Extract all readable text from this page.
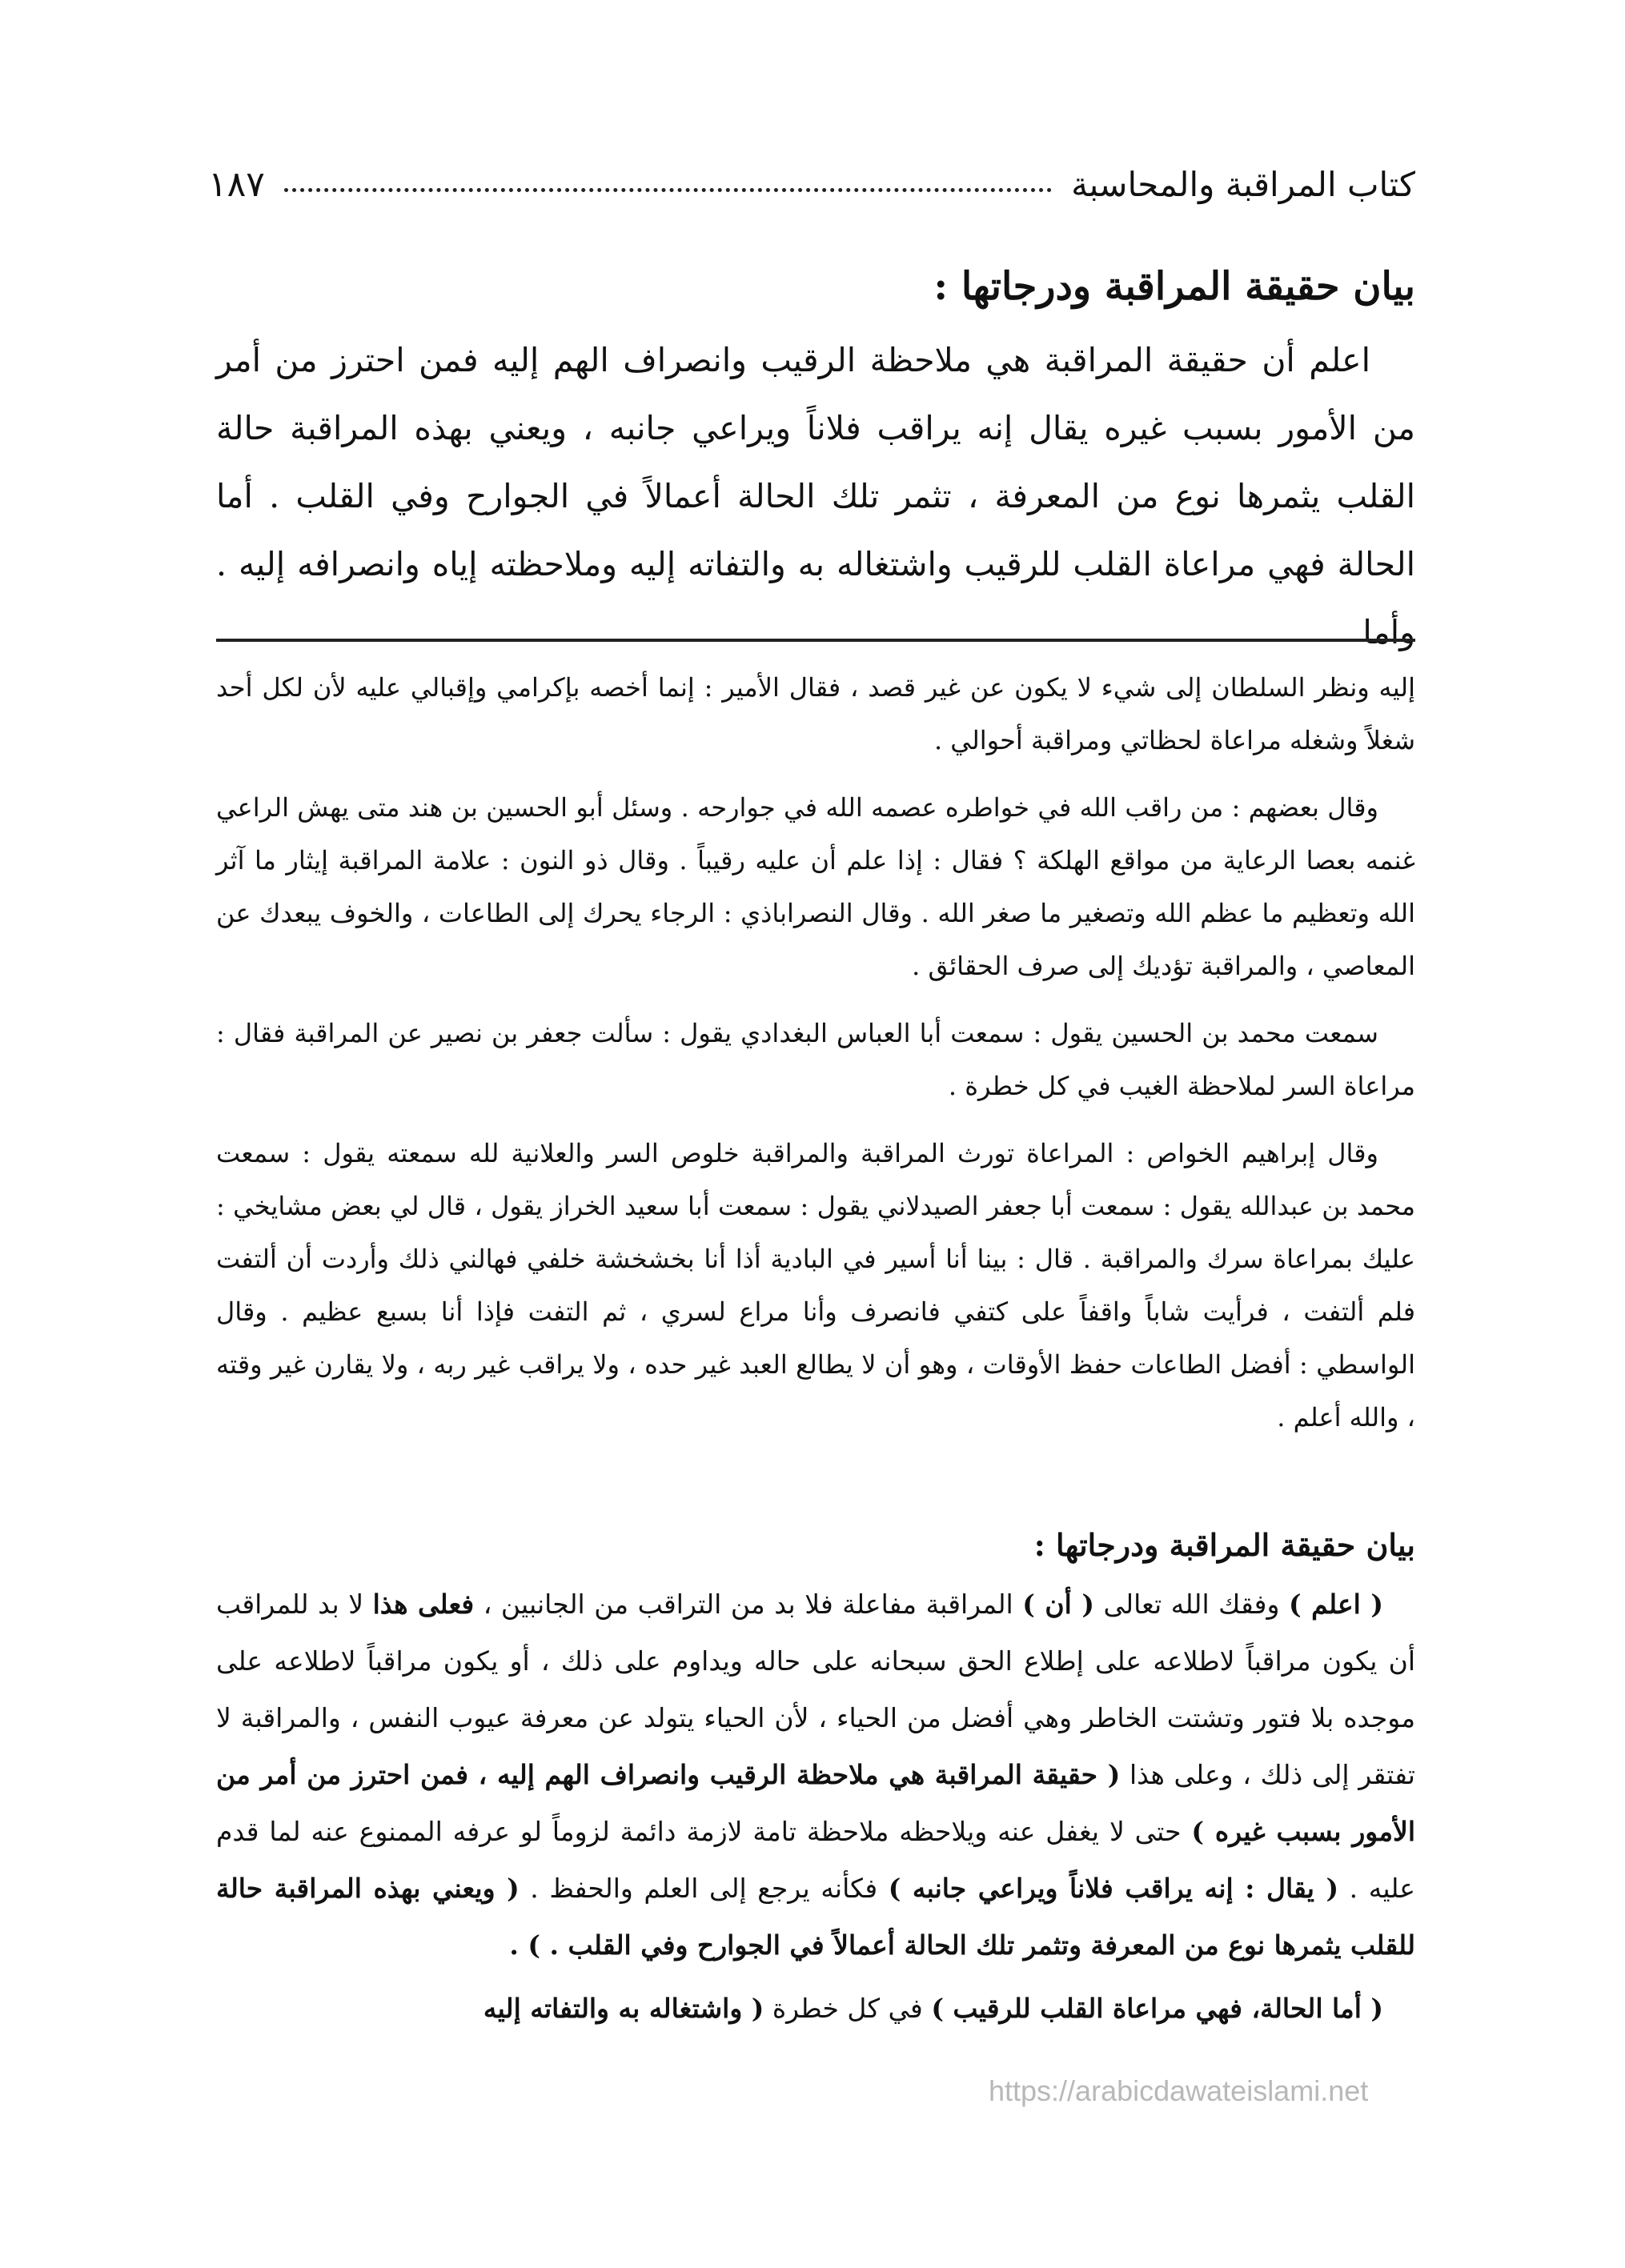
كتاب المراقبة والمحاسبة
١٨٧
بيان حقيقة المراقبة ودرجاتها :

اعلم أن حقيقة المراقبة هي ملاحظة الرقيب وانصراف الهم إليه فمن احترز من أمر من الأمور بسبب غيره يقال إنه يراقب فلاناً ويراعي جانبه ، ويعني بهذه المراقبة حالة القلب يثمرها نوع من المعرفة ، تثمر تلك الحالة أعمالاً في الجوارح وفي القلب . أما الحالة فهي مراعاة القلب للرقيب واشتغاله به والتفاته إليه وملاحظته إياه وانصرافه إليه . وأما

إليه ونظر السلطان إلى شيء لا يكون عن غير قصد ، فقال الأمير : إنما أخصه بإكرامي وإقبالي عليه لأن لكل أحد شغلاً وشغله مراعاة لحظاتي ومراقبة أحوالي .

وقال بعضهم : من راقب الله في خواطره عصمه الله في جوارحه . وسئل أبو الحسين بن هند متى يهش الراعي غنمه بعصا الرعاية من مواقع الهلكة ؟ فقال : إذا علم أن عليه رقيباً . وقال ذو النون : علامة المراقبة إيثار ما آثر الله وتعظيم ما عظم الله وتصغير ما صغر الله . وقال النصراباذي : الرجاء يحرك إلى الطاعات ، والخوف يبعدك عن المعاصي ، والمراقبة تؤديك إلى صرف الحقائق .

سمعت محمد بن الحسين يقول : سمعت أبا العباس البغدادي يقول : سألت جعفر بن نصير عن المراقبة فقال : مراعاة السر لملاحظة الغيب في كل خطرة .

وقال إبراهيم الخواص : المراعاة تورث المراقبة والمراقبة خلوص السر والعلانية لله سمعته يقول : سمعت محمد بن عبدالله يقول : سمعت أبا جعفر الصيدلاني يقول : سمعت أبا سعيد الخراز يقول ، قال لي بعض مشايخي : عليك بمراعاة سرك والمراقبة . قال : بينا أنا أسير في البادية أذا أنا بخشخشة خلفي فهالني ذلك وأردت أن ألتفت فلم ألتفت ، فرأيت شاباً واقفاً على كتفي فانصرف وأنا مراع لسري ، ثم التفت فإذا أنا بسبع عظيم . وقال الواسطي : أفضل الطاعات حفظ الأوقات ، وهو أن لا يطالع العبد غير حده ، ولا يراقب غير ربه ، ولا يقارن غير وقته ، والله أعلم .

بيان حقيقة المراقبة ودرجاتها :

( اعلم ) وفقك الله تعالى ( أن ) المراقبة مفاعلة فلا بد من التراقب من الجانبين ، فعلى هذا لا بد للمراقب أن يكون مراقباً لاطلاعه على إطلاع الحق سبحانه على حاله ويداوم على ذلك ، أو يكون مراقباً لاطلاعه على موجده بلا فتور وتشتت الخاطر وهي أفضل من الحياء ، لأن الحياء يتولد عن معرفة عيوب النفس ، والمراقبة لا تفتقر إلى ذلك ، وعلى هذا ( حقيقة المراقبة هي ملاحظة الرقيب وانصراف الهم إليه ، فمن احترز من أمر من الأمور بسبب غيره ) حتى لا يغفل عنه ويلاحظه ملاحظة تامة لازمة دائمة لزوماً لو عرفه الممنوع عنه لما قدم عليه . ( يقال : إنه يراقب فلاناً ويراعي جانبه ) فكأنه يرجع إلى العلم والحفظ . ( ويعني بهذه المراقبة حالة للقلب يثمرها نوع من المعرفة وتثمر تلك الحالة أعمالاً في الجوارح وفي القلب . ) .

( أما الحالة، فهي مراعاة القلب للرقيب ) في كل خطرة ( واشتغاله به والتفاته إليه

https://arabicdawateislami.net
